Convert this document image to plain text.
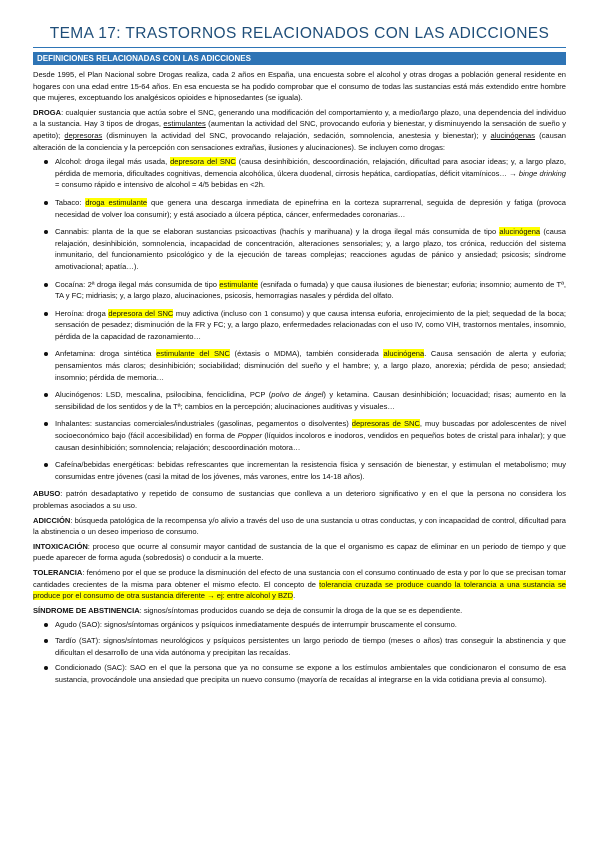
TEMA 17: TRASTORNOS RELACIONADOS CON LAS ADICCIONES
DEFINICIONES RELACIONADAS CON LAS ADICCIONES

Desde 1995, el Plan Nacional sobre Drogas realiza, cada 2 años en España, una encuesta sobre el alcohol y otras drogas a población general residente en hogares con una edad entre 15-64 años. En esa encuesta se ha podido comprobar que el consumo de todas las sustancias está más extendido entre hombre que mujeres, exceptuando los analgésicos opioides e hipnosedantes (se iguala).

DROGA: cualquier sustancia que actúa sobre el SNC, generando una modificación del comportamiento y, a medio/largo plazo, una dependencia del individuo a la sustancia. Hay 3 tipos de drogas, estimulantes (aumentan la actividad del SNC, provocando euforia y bienestar, y disminuyendo la sensación de sueño y apetito); depresoras (disminuyen la actividad del SNC, provocando relajación, sedación, somnolencia, anestesia y bienestar); y alucinógenas (causan alteración de la conciencia y la percepción con sensaciones extrañas, ilusiones y alucinaciones). Se incluyen como drogas:

Alcohol: droga ilegal más usada, depresora del SNC (causa desinhibición, descoordinación, relajación, dificultad para asociar ideas; y, a largo plazo, pérdida de memoria, dificultades cognitivas, demencia alcohólica, úlcera duodenal, cirrosis hepática, cardiopatías, déficit vitamínicos… → binge drinking = consumo rápido e intensivo de alcohol = 4/5 bebidas en <2h.
Tabaco: droga estimulante que genera una descarga inmediata de epinefrina en la corteza suprarrenal, seguida de depresión y fatiga (provoca necesidad de volver loa consumir); y está asociado a úlcera péptica, cáncer, enfermedades coronarias…
Cannabis: planta de la que se elaboran sustancias psicoactivas (hachís y marihuana) y la droga ilegal más consumida de tipo alucinógena (causa relajación, desinhibición, somnolencia, incapacidad de concentración, alteraciones sensoriales; y, a largo plazo, tos crónica, reducción del sistema inmunitario, del funcionamiento psicológico y de la ejecución de tareas complejas; reacciones agudas de pánico y ansiedad; psicosis; síndrome amotivacional; apatía…).
Cocaína: 2ª droga ilegal más consumida de tipo estimulante (esnifada o fumada) y que causa ilusiones de bienestar; euforia; insomnio; aumento de Tª, TA y FC; midriasis; y, a largo plazo, alucinaciones, psicosis, hemorragias nasales y pérdida del olfato.
Heroína: droga depresora del SNC muy adictiva (incluso con 1 consumo) y que causa intensa euforia, enrojecimiento de la piel; sequedad de la boca; sensación de pesadez; disminución de la FR y FC; y, a largo plazo, enfermedades relacionadas con el uso IV, como VIH, trastornos mentales, insomnio, pérdida de la capacidad de razonamiento…
Anfetamina: droga sintética estimulante del SNC (éxtasis o MDMA), también considerada alucinógena. Causa sensación de alerta y euforia; pensamientos más claros; desinhibición; sociabilidad; disminución del sueño y el hambre; y, a largo plazo, anorexia; pérdida de peso; ansiedad; insomnio; pérdida de memoria…
Alucinógenos: LSD, mescalina, psilocibina, fenciclidina, PCP (polvo de ángel) y ketamina. Causan desinhibición; locuacidad; risas; aumento en la sensibilidad de los sentidos y de la Tª; cambios en la percepción; alucinaciones auditivas y visuales…
Inhalantes: sustancias comerciales/industriales (gasolinas, pegamentos o disolventes) depresoras de SNC, muy buscadas por adolescentes de nivel socioeconómico bajo (fácil accesibilidad) en forma de Popper (líquidos incoloros e inodoros, vendidos en pequeños botes de cristal para inhalar); y que causan desinhibición; somnolencia; relajación; descoordinación motora…
Cafeína/bebidas energéticas: bebidas refrescantes que incrementan la resistencia física y sensación de bienestar, y estimulan el metabolismo; muy consumidas entre jóvenes (casi la mitad de los jóvenes, más varones, entre los 14-18 años).

ABUSO: patrón desadaptativo y repetido de consumo de sustancias que conlleva a un deterioro significativo y en el que la persona no considera los problemas asociados a su uso.

ADICCIÓN: búsqueda patológica de la recompensa y/o alivio a través del uso de una sustancia u otras conductas, y con incapacidad de control, dificultad para la abstinencia o un deseo imperioso de consumo.

INTOXICACIÓN: proceso que ocurre al consumir mayor cantidad de sustancia de la que el organismo es capaz de eliminar en un periodo de tiempo y que puede aparecer de forma aguda (sobredosis) o conducir a la muerte.

TOLERANCIA: fenómeno por el que se produce la disminución del efecto de una sustancia con el consumo continuado de esta y por lo que se precisan tomar cantidades crecientes de la misma para obtener el mismo efecto. El concepto de tolerancia cruzada se produce cuando la tolerancia a una sustancia se produce por el consumo de otra sustancia diferente → ej: entre alcohol y BZD.

SÍNDROME DE ABSTINENCIA: signos/síntomas producidos cuando se deja de consumir la droga de la que se es dependiente.

Agudo (SAO): signos/síntomas orgánicos y psíquicos inmediatamente después de interrumpir bruscamente el consumo.
Tardío (SAT): signos/síntomas neurológicos y psíquicos persistentes un largo periodo de tiempo (meses o años) tras conseguir la abstinencia y que dificultan el desarrollo de una vida autónoma y precipitan las recaídas.
Condicionado (SAC): SAO en el que la persona que ya no consume se expone a los estímulos ambientales que condicionaron el consumo de esa sustancia, provocándole una ansiedad que precipita un nuevo consumo (mayoría de recaídas al integrarse en la vida cotidiana previa al consumo).
